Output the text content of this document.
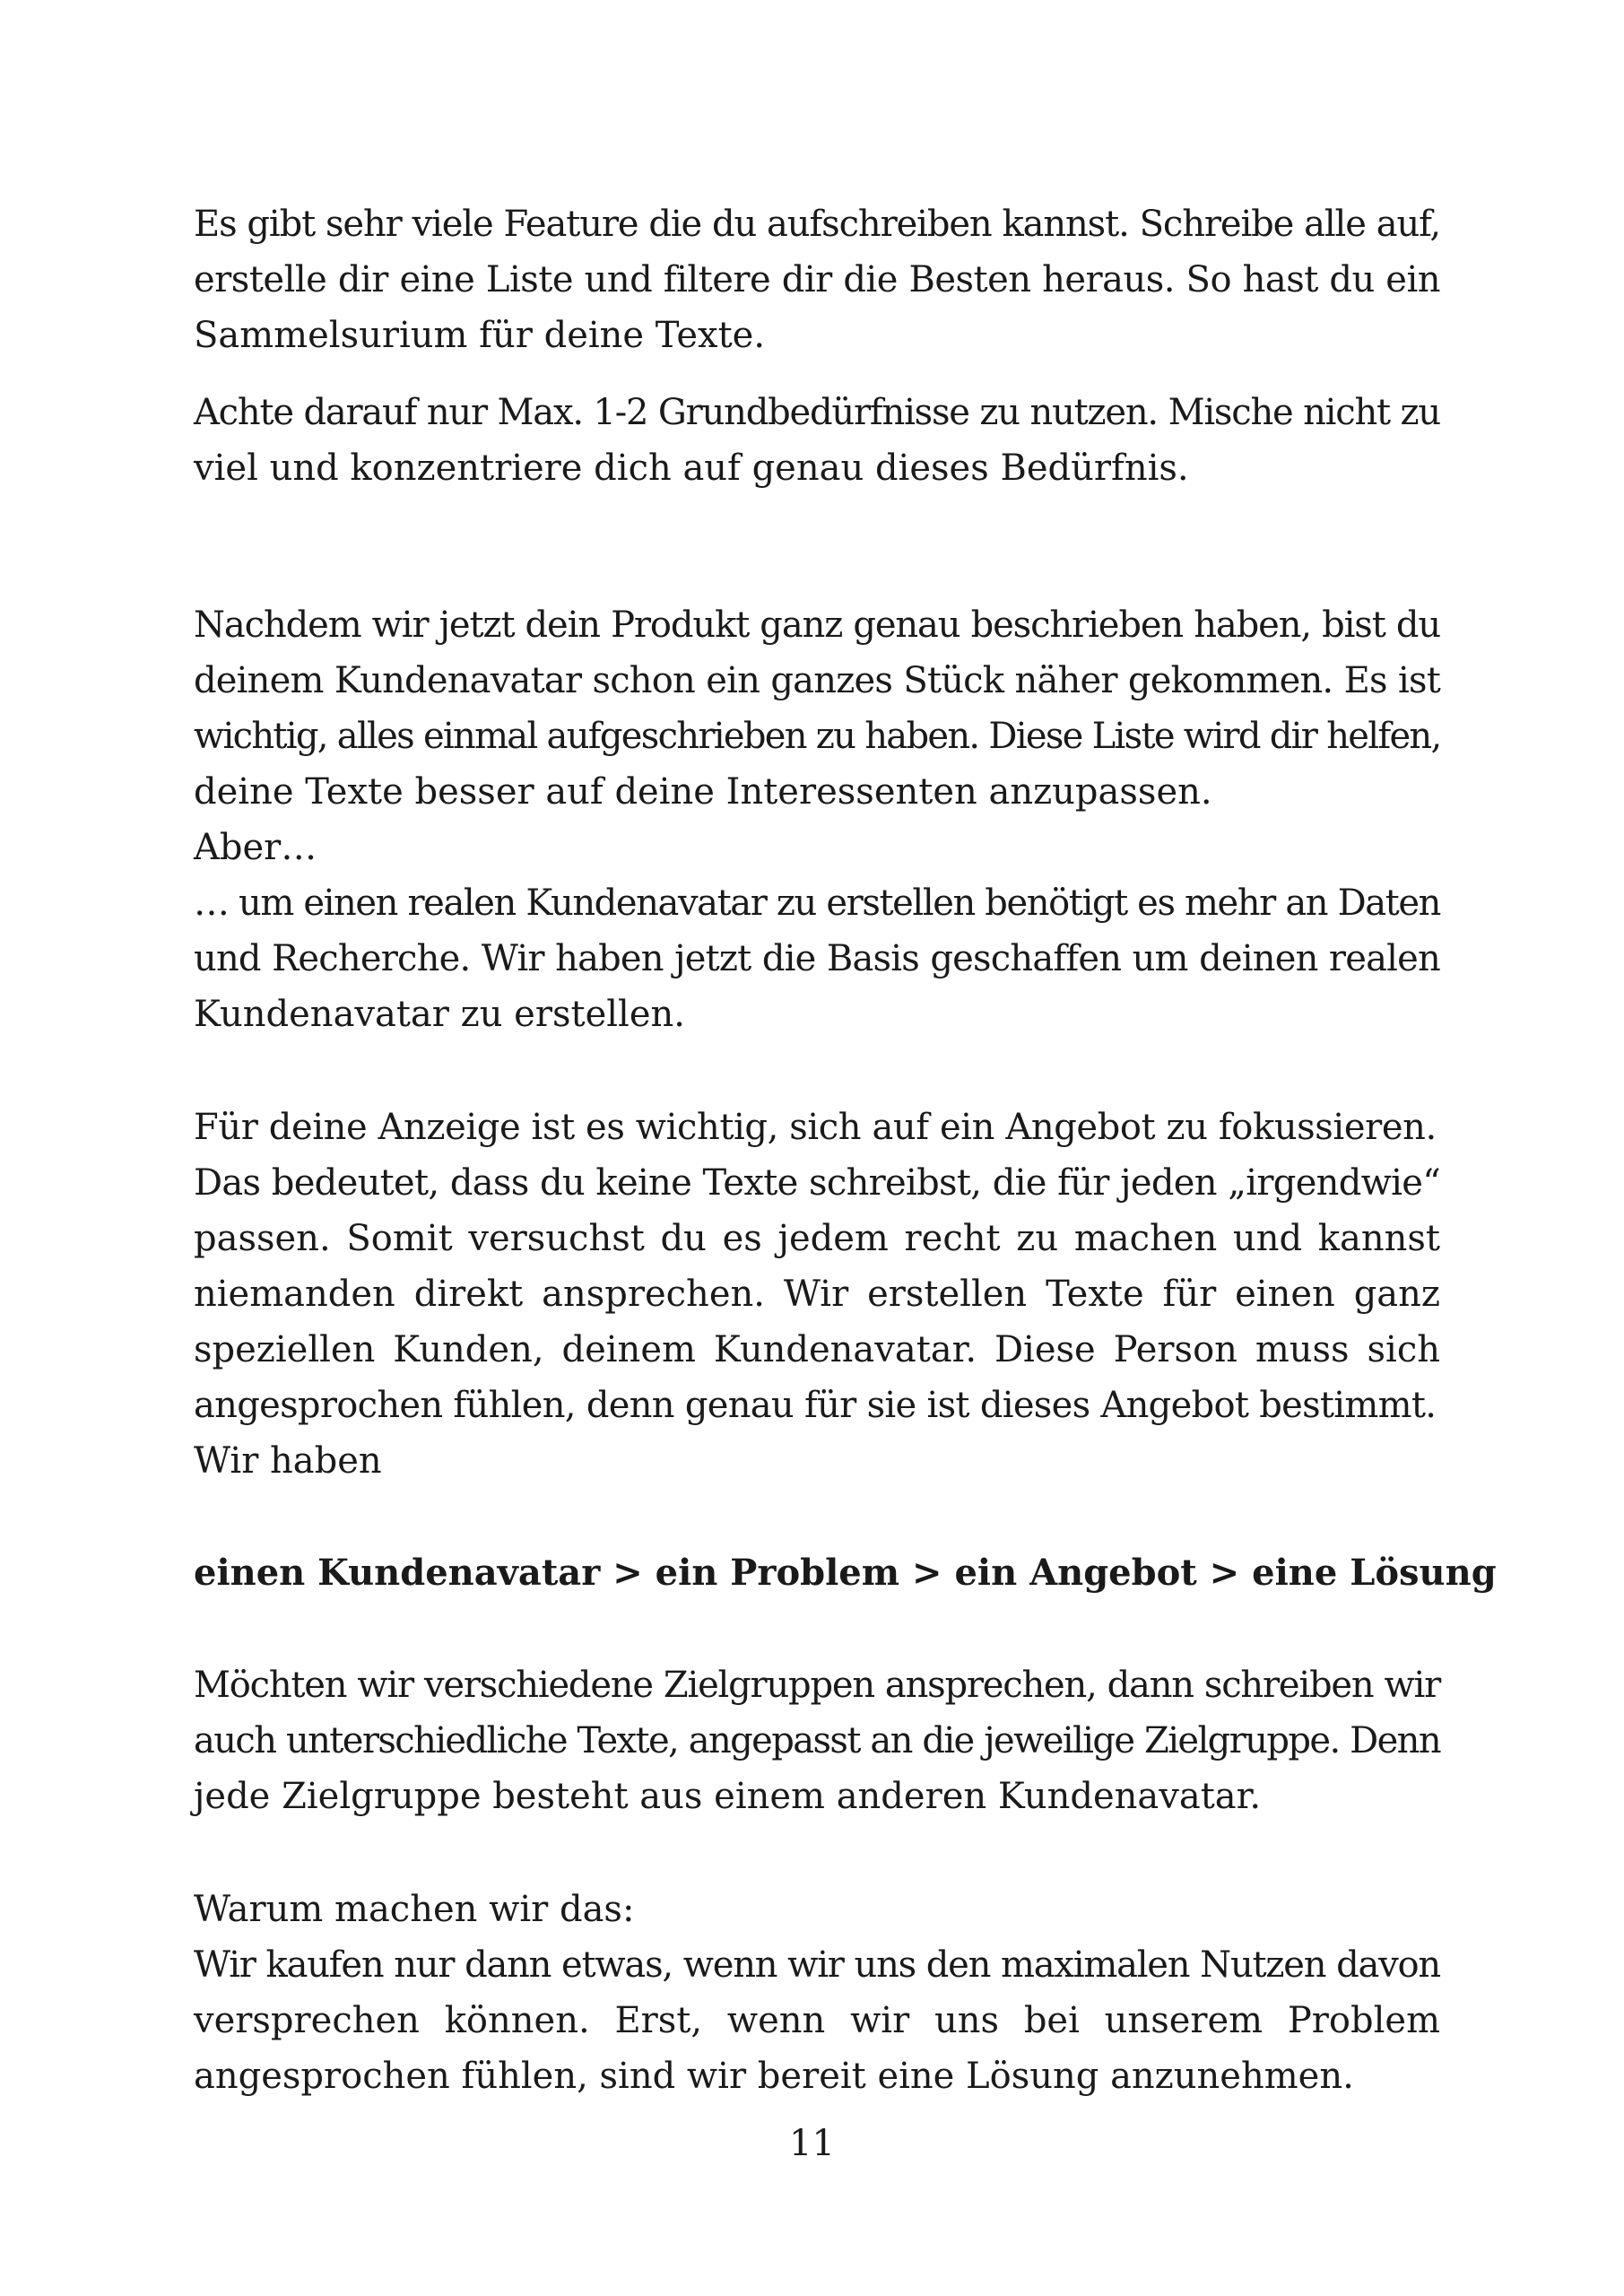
Es gibt sehr viele Feature die du aufschreiben kannst. Schreibe alle auf,
erstelle dir eine Liste und filtere dir die Besten heraus. So hast du ein
Sammelsurium für deine Texte.
Achte darauf nur Max. 1-2 Grundbedürfnisse zu nutzen. Mische nicht zu
viel und konzentriere dich auf genau dieses Bedürfnis.
Nachdem wir jetzt dein Produkt ganz genau beschrieben haben, bist du
deinem Kundenavatar schon ein ganzes Stück näher gekommen. Es ist
wichtig, alles einmal aufgeschrieben zu haben. Diese Liste wird dir helfen,
deine Texte besser auf deine Interessenten anzupassen.
Aber…
… um einen realen Kundenavatar zu erstellen benötigt es mehr an Daten
und Recherche. Wir haben jetzt die Basis geschaffen um deinen realen
Kundenavatar zu erstellen.
Für deine Anzeige ist es wichtig, sich auf ein Angebot zu fokussieren.
Das bedeutet, dass du keine Texte schreibst, die für jeden „irgendwie“
passen. Somit versuchst du es jedem recht zu machen und kannst
niemanden direkt ansprechen. Wir erstellen Texte für einen ganz
speziellen Kunden, deinem Kundenavatar. Diese Person muss sich
angesprochen fühlen, denn genau für sie ist dieses Angebot bestimmt.
Wir haben
einen Kundenavatar > ein Problem > ein Angebot > eine Lösung
Möchten wir verschiedene Zielgruppen ansprechen, dann schreiben wir
auch unterschiedliche Texte, angepasst an die jeweilige Zielgruppe. Denn
jede Zielgruppe besteht aus einem anderen Kundenavatar.
Warum machen wir das:
Wir kaufen nur dann etwas, wenn wir uns den maximalen Nutzen davon
versprechen können. Erst, wenn wir uns bei unserem Problem
angesprochen fühlen, sind wir bereit eine Lösung anzunehmen.
11
